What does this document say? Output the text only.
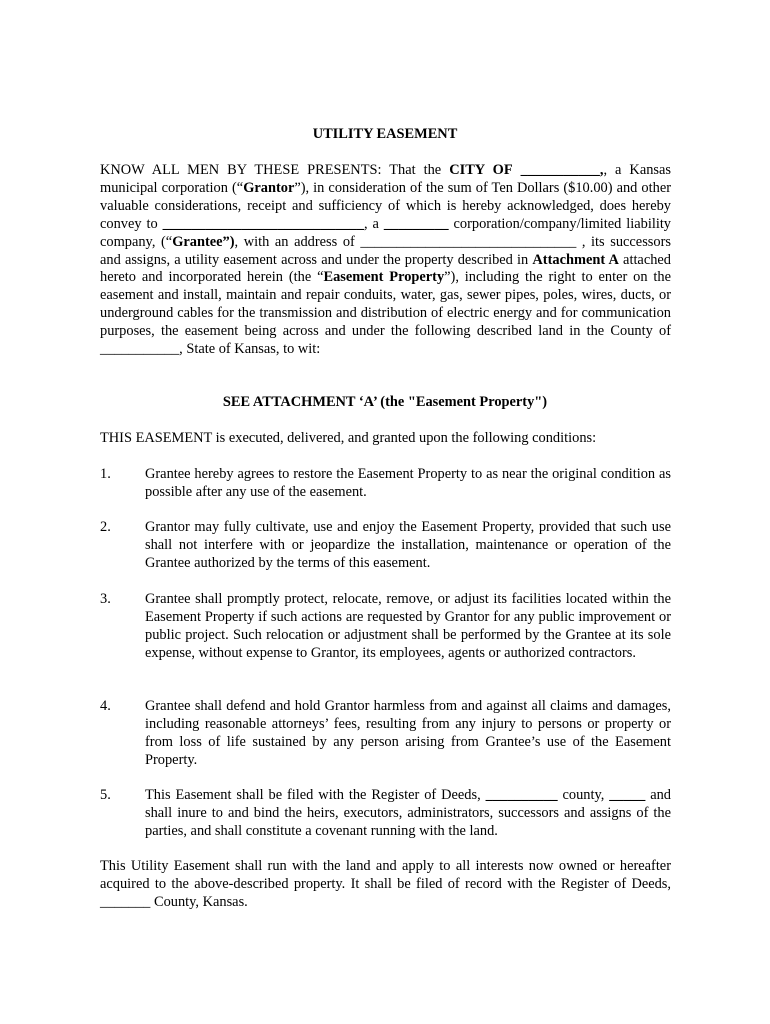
UTILITY EASEMENT
KNOW ALL MEN BY THESE PRESENTS: That the CITY OF ___________,, a Kansas municipal corporation (“Grantor”), in consideration of the sum of Ten Dollars ($10.00) and other valuable considerations, receipt and sufficiency of which is hereby acknowledged, does hereby convey to ____________________________, a _________ corporation/company/limited liability company, (“Grantee”), with an address of ______________________________ , its successors and assigns, a utility easement across and under the property described in Attachment A attached hereto and incorporated herein (the “Easement Property”), including the right to enter on the easement and install, maintain and repair conduits, water, gas, sewer pipes, poles, wires, ducts, or underground cables for the transmission and distribution of electric energy and for communication purposes, the easement being across and under the following described land in the County of ___________, State of Kansas, to wit:
SEE ATTACHMENT ‘A’ (the "Easement Property")
THIS EASEMENT is executed, delivered, and granted upon the following conditions:
1. Grantee hereby agrees to restore the Easement Property to as near the original condition as possible after any use of the easement.
2. Grantor may fully cultivate, use and enjoy the Easement Property, provided that such use shall not interfere with or jeopardize the installation, maintenance or operation of the Grantee authorized by the terms of this easement.
3. Grantee shall promptly protect, relocate, remove, or adjust its facilities located within the Easement Property if such actions are requested by Grantor for any public improvement or public project. Such relocation or adjustment shall be performed by the Grantee at its sole expense, without expense to Grantor, its employees, agents or authorized contractors.
4. Grantee shall defend and hold Grantor harmless from and against all claims and damages, including reasonable attorneys’ fees, resulting from any injury to persons or property or from loss of life sustained by any person arising from Grantee’s use of the Easement Property.
5. This Easement shall be filed with the Register of Deeds, __________ county, _____ and shall inure to and bind the heirs, executors, administrators, successors and assigns of the parties, and shall constitute a covenant running with the land.
This Utility Easement shall run with the land and apply to all interests now owned or hereafter acquired to the above-described property. It shall be filed of record with the Register of Deeds, _______ County, Kansas.
